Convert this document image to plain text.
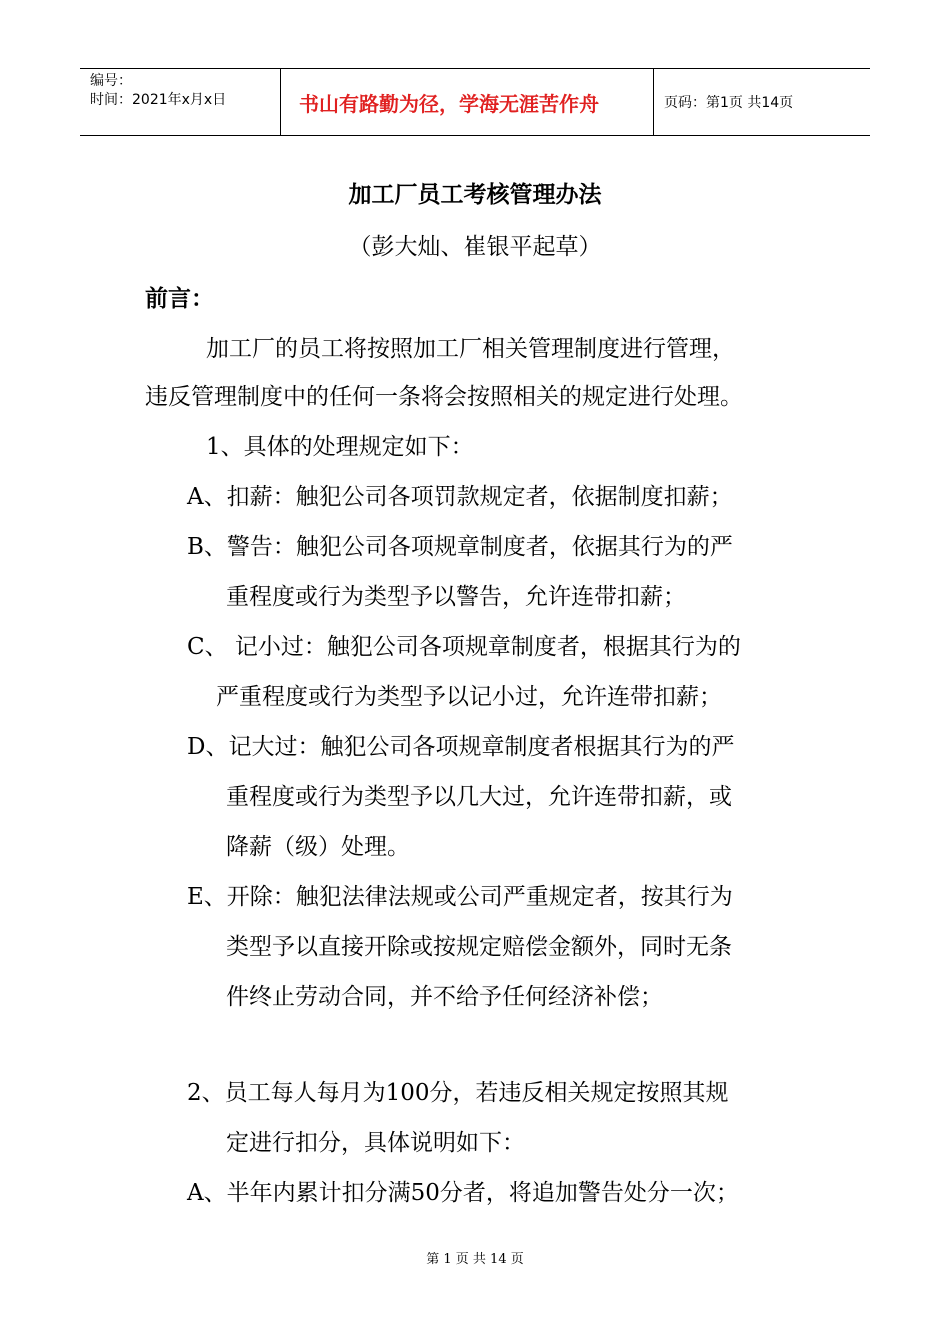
编号：
时间：2021年x月x日	书山有路勤为径，学海无涯苦作舟	页码：第1页 共14页
加工厂员工考核管理办法
（彭大灿、崔银平起草）
前言：
加工厂的员工将按照加工厂相关管理制度进行管理，
违反管理制度中的任何一条将会按照相关的规定进行处理。
1、具体的处理规定如下：
A、扣薪：触犯公司各项罚款规定者，依据制度扣薪；
B、警告：触犯公司各项规章制度者，依据其行为的严
重程度或行为类型予以警告，允许连带扣薪；
C、 记小过：触犯公司各项规章制度者，根据其行为的
严重程度或行为类型予以记小过，允许连带扣薪；
D、记大过：触犯公司各项规章制度者根据其行为的严
重程度或行为类型予以几大过，允许连带扣薪，或
降薪（级）处理。
E、开除：触犯法律法规或公司严重规定者，按其行为
类型予以直接开除或按规定赔偿金额外，同时无条
件终止劳动合同，并不给予任何经济补偿；
2、员工每人每月为100分，若违反相关规定按照其规
定进行扣分，具体说明如下：
A、半年内累计扣分满50分者，将追加警告处分一次；
第 1 页 共 14 页
